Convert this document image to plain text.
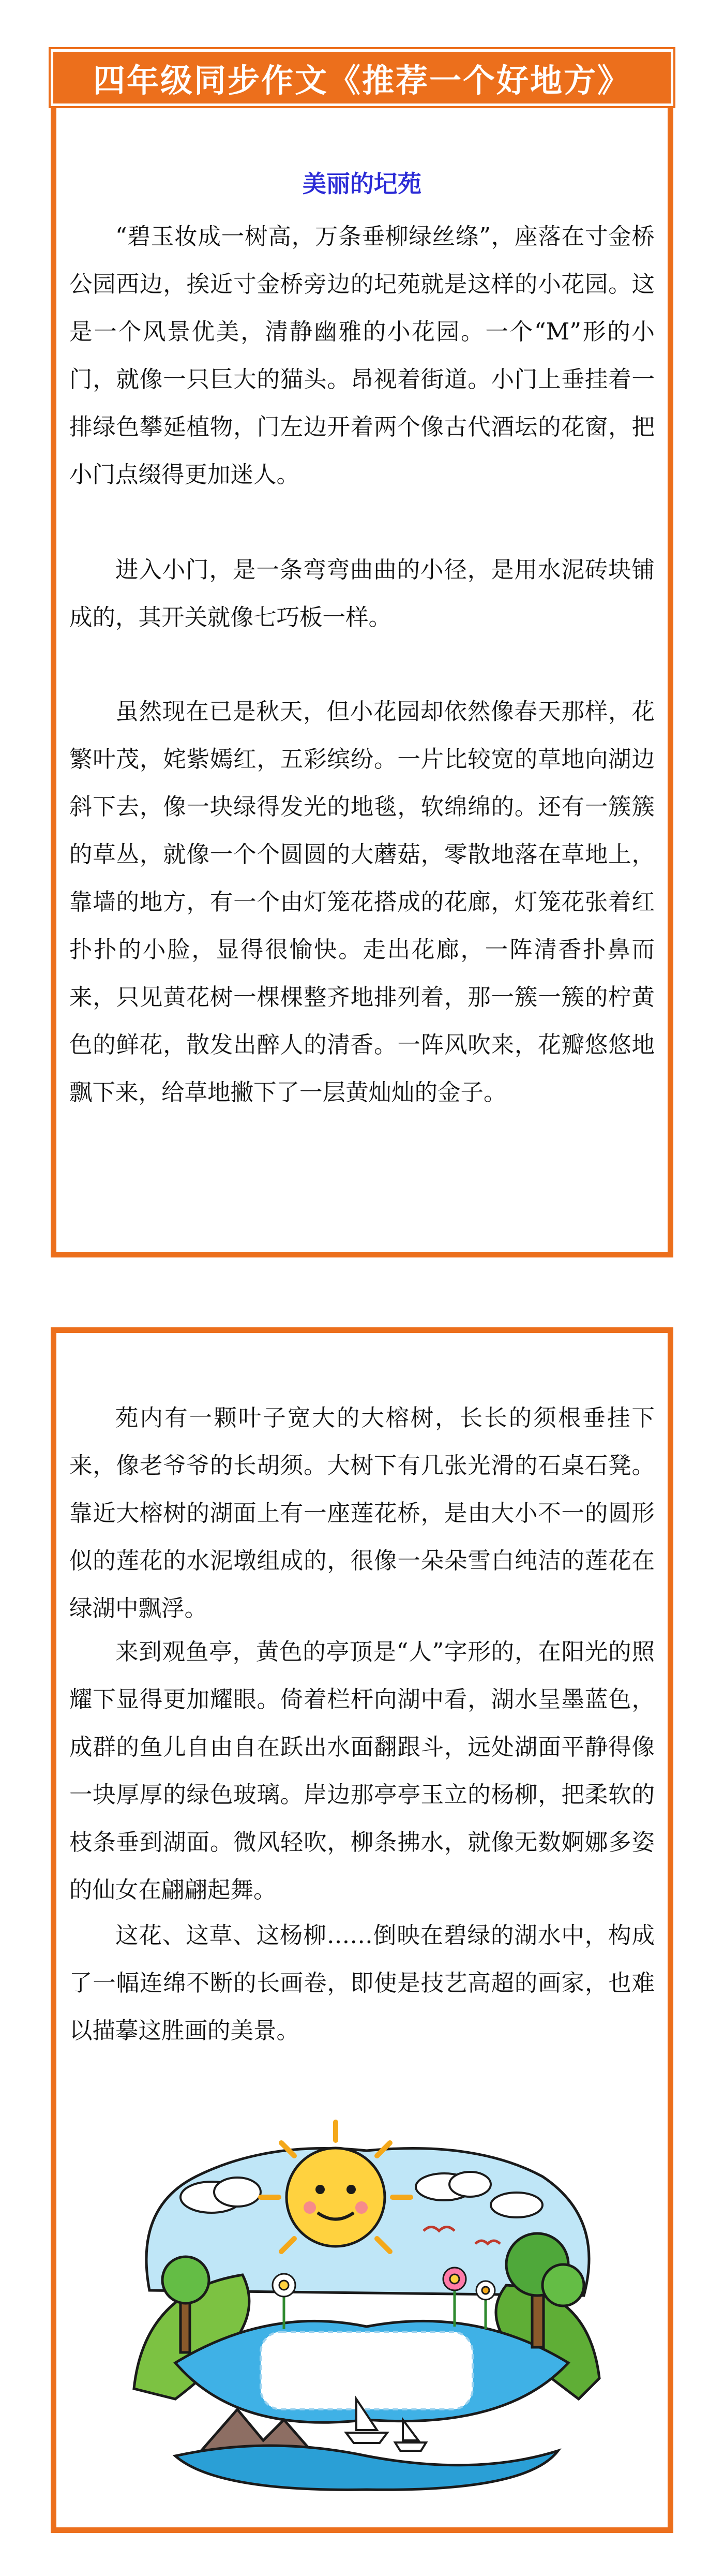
四年级同步作文《推荐一个好地方》
美丽的圮苑

“碧玉妆成一树高，万条垂柳绿丝绦”，座落在寸金桥公园西边，挨近寸金桥旁边的圮苑就是这样的小花园。这是一个风景优美，清静幽雅的小花园。一个“M”形的小门，就像一只巨大的猫头。昂视着街道。小门上垂挂着一排绿色攀延植物，门左边开着两个像古代酒坛的花窗，把小门点缀得更加迷人。

进入小门，是一条弯弯曲曲的小径，是用水泥砖块铺成的，其开关就像七巧板一样。

虽然现在已是秋天，但小花园却依然像春天那样，花繁叶茂，姹紫嫣红，五彩缤纷。一片比较宽的草地向湖边斜下去，像一块绿得发光的地毯，软绵绵的。还有一簇簇的草丛，就像一个个圆圆的大蘑菇，零散地落在草地上，靠墙的地方，有一个由灯笼花搭成的花廊，灯笼花张着红扑扑的小脸，显得很愉快。走出花廊，一阵清香扑鼻而来，只见黄花树一棵棵整齐地排列着，那一簇一簇的柠黄色的鲜花，散发出醉人的清香。一阵风吹来，花瓣悠悠地飘下来，给草地撇下了一层黄灿灿的金子。

苑内有一颗叶子宽大的大榕树，长长的须根垂挂下来，像老爷爷的长胡须。大树下有几张光滑的石桌石凳。靠近大榕树的湖面上有一座莲花桥，是由大小不一的圆形似的莲花的水泥墩组成的，很像一朵朵雪白纯洁的莲花在绿湖中飘浮。

来到观鱼亭，黄色的亭顶是“人”字形的，在阳光的照耀下显得更加耀眼。倚着栏杆向湖中看，湖水呈墨蓝色，成群的鱼儿自由自在跃出水面翻跟斗，远处湖面平静得像一块厚厚的绿色玻璃。岸边那亭亭玉立的杨柳，把柔软的枝条垂到湖面。微风轻吹，柳条拂水，就像无数婀娜多姿的仙女在翩翩起舞。

这花、这草、这杨柳……倒映在碧绿的湖水中，构成了一幅连绵不断的长画卷，即使是技艺高超的画家，也难以描摹这胜画的美景。
